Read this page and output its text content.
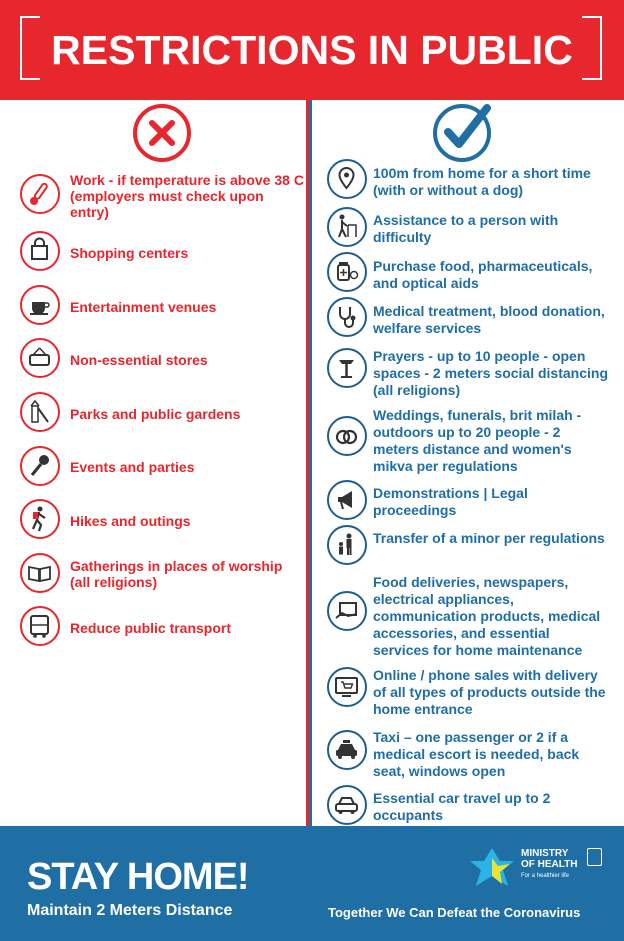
RESTRICTIONS IN PUBLIC
Work - if temperature is above 38 C (employers must check upon entry)
Shopping centers
Entertainment venues
Non-essential stores
Parks and public gardens
Events and parties
Hikes and outings
Gatherings in places of worship (all religions)
Reduce public transport
100m from home for a short time (with or without a dog)
Assistance to a person with difficulty
Purchase food, pharmaceuticals, and optical aids
Medical treatment, blood donation, welfare services
Prayers - up to 10 people - open spaces - 2 meters social distancing (all religions)
Weddings, funerals, brit milah - outdoors up to 20 people - 2 meters distance and women's mikva per regulations
Demonstrations | Legal proceedings
Transfer of a minor per regulations
Food deliveries, newspapers, electrical appliances, communication products, medical accessories, and essential services for home maintenance
Online / phone sales with delivery of all types of products outside the home entrance
Taxi – one passenger or 2 if a medical escort is needed, back seat, windows open
Essential car travel up to 2 occupants
STAY HOME!
Maintain 2 Meters Distance
MINISTRY
OF HEALTH
For a healthier life
Together We Can Defeat the Coronavirus
